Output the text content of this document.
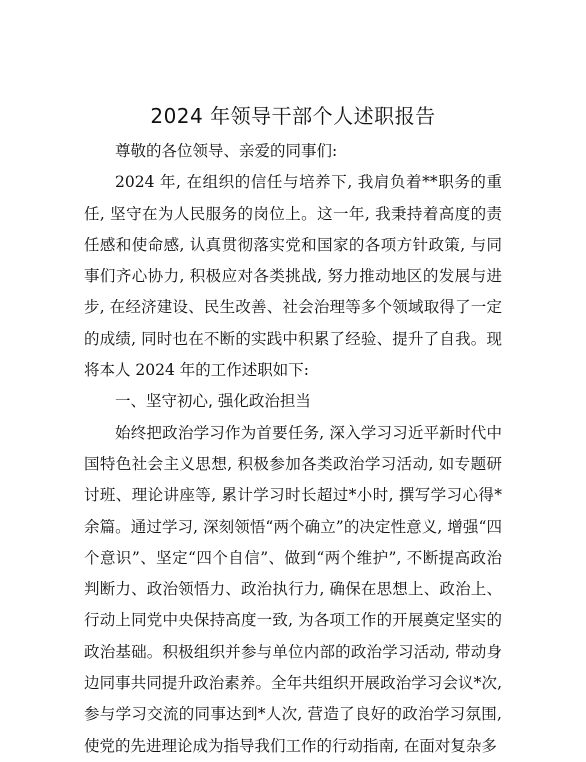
2024 年领导干部个人述职报告

尊敬的各位领导、亲爱的同事们:

2024 年, 在组织的信任与培养下, 我肩负着**职务的重任, 坚守在为人民服务的岗位上。这一年, 我秉持着高度的责任感和使命感, 认真贯彻落实党和国家的各项方针政策, 与同事们齐心协力, 积极应对各类挑战, 努力推动地区的发展与进步, 在经济建设、民生改善、社会治理等多个领域取得了一定的成绩, 同时也在不断的实践中积累了经验、提升了自我。现将本人 2024 年的工作述职如下:

一、坚守初心, 强化政治担当

始终把政治学习作为首要任务, 深入学习习近平新时代中国特色社会主义思想, 积极参加各类政治学习活动, 如专题研讨班、理论讲座等, 累计学习时长超过*小时, 撰写学习心得*余篇。通过学习, 深刻领悟“两个确立”的决定性意义, 增强“四个意识”、坚定“四个自信”、做到“两个维护”, 不断提高政治判断力、政治领悟力、政治执行力, 确保在思想上、政治上、行动上同党中央保持高度一致, 为各项工作的开展奠定坚实的政治基础。积极组织并参与单位内部的政治学习活动, 带动身边同事共同提升政治素养。全年共组织开展政治学习会议*次, 参与学习交流的同事达到*人次, 营造了良好的政治学习氛围, 使党的先进理论成为指导我们工作的行动指南, 在面对复杂多
